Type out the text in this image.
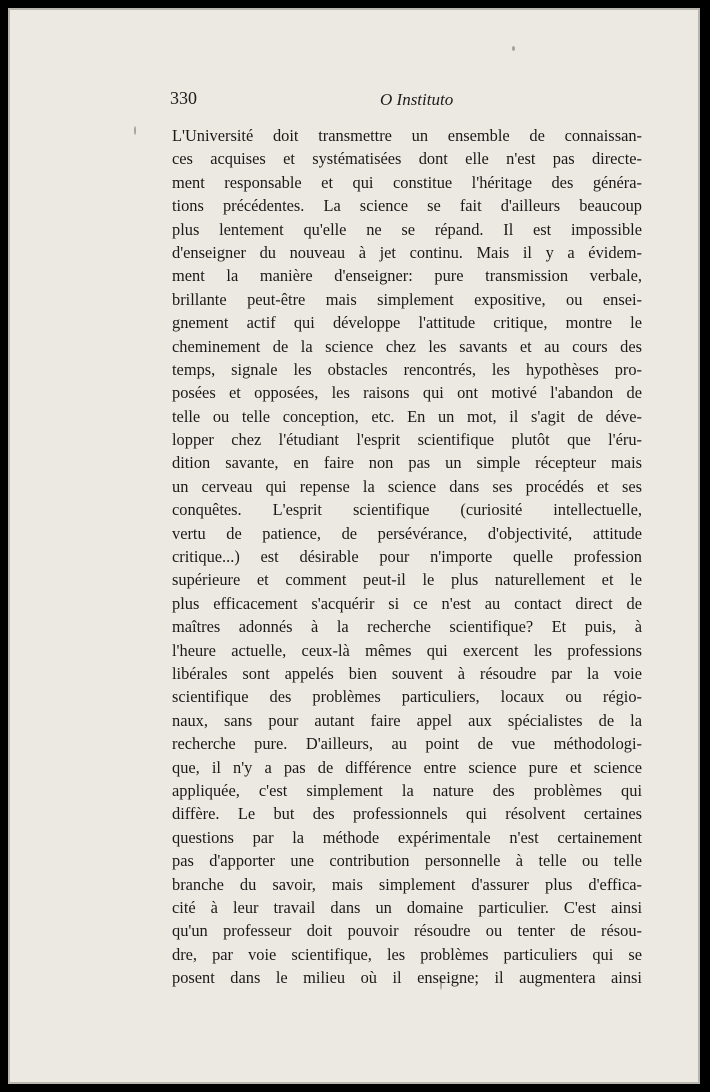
330	O Instituto
L'Université doit transmettre un ensemble de connaissan-
ces acquises et systématisées dont elle n'est pas directe-
ment responsable et qui constitue l'héritage des généra-
tions précédentes. La science se fait d'ailleurs beaucoup
plus lentement qu'elle ne se répand. Il est impossible
d'enseigner du nouveau à jet continu. Mais il y a évidem-
ment la manière d'enseigner: pure transmission verbale,
brillante peut-être mais simplement expositive, ou ensei-
gnement actif qui développe l'attitude critique, montre le
cheminement de la science chez les savants et au cours des
temps, signale les obstacles rencontrés, les hypothèses pro-
posées et opposées, les raisons qui ont motivé l'abandon de
telle ou telle conception, etc. En un mot, il s'agit de déve-
lopper chez l'étudiant l'esprit scientifique plutôt que l'éru-
dition savante, en faire non pas un simple récepteur mais
un cerveau qui repense la science dans ses procédés et ses
conquêtes. L'esprit scientifique (curiosité intellectuelle,
vertu de patience, de persévérance, d'objectivité, attitude
critique...) est désirable pour n'importe quelle profession
supérieure et comment peut-il le plus naturellement et le
plus efficacement s'acquérir si ce n'est au contact direct de
maîtres adonnés à la recherche scientifique? Et puis, à
l'heure actuelle, ceux-là mêmes qui exercent les professions
libérales sont appelés bien souvent à résoudre par la voie
scientifique des problèmes particuliers, locaux ou régio-
naux, sans pour autant faire appel aux spécialistes de la
recherche pure. D'ailleurs, au point de vue méthodologi-
que, il n'y a pas de différence entre science pure et science
appliquée, c'est simplement la nature des problèmes qui
diffère. Le but des professionnels qui résolvent certaines
questions par la méthode expérimentale n'est certainement
pas d'apporter une contribution personnelle à telle ou telle
branche du savoir, mais simplement d'assurer plus d'effica-
cité à leur travail dans un domaine particulier. C'est ainsi
qu'un professeur doit pouvoir résoudre ou tenter de résou-
dre, par voie scientifique, les problèmes particuliers qui se
posent dans le milieu où il enseigne; il augmentera ainsi
